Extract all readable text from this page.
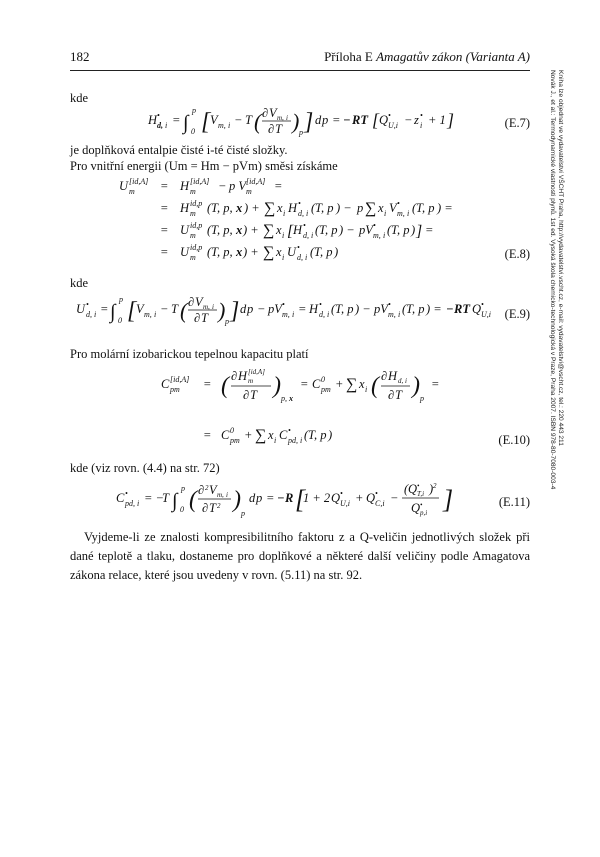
182	Příloha E Amagatův zákon (Varianta A)
kde
H •
d, i = ∫
p
0 [ V m, i − T ( ∂ V m, i
∂ T ) p ] d p = − RT [ Q •
U,i − z •
i + 1 ]	(E.7)
je doplňková entalpie čisté i-té čisté složky.
Pro vnitřní energii (Um = Hm − pVm) směsi získáme
U [id,A]
m = H [id,A]
m − p V [id,A]
m =
= H id,p
m ( T, p, x ) + ∑ x i H •
d, i ( T, p ) − p ∑ x i V •
m, i ( T, p ) =
= U id,p
m ( T, p, x ) + ∑ x i [ H •
d, i ( T, p ) − pV •
m, i ( T, p ) ] =
= U id,p
m ( T, p, x ) + ∑ x i U •
d, i ( T, p )	(E.8)
kde
U •
d, i = ∫
p
0 [ V m, i − T ( ∂ V m, i
∂ T ) p ] d p − pV •
m, i = H •
d, i ( T, p ) − pV •
m, i ( T, p ) = − RT Q •
U,i (E.9)
Pro molární izobarickou tepelnou kapacitu platí
C [id,A]
pm = ( ∂ H [id,A]
m
∂ T ) p, x
= C 0
pm + ∑ x i ( ∂ H d, i
∂ T ) p
=
= C 0
pm + ∑ x i C •
pd, i ( T, p )	(E.10)
kde (viz rovn. (4.4) na str. 72)
C •
pd, i = −
T ∫
p
0 ( ∂ 2 V m, i
∂ T 2 )
p
d p = − R [
1 + 2 Q •
U,i + Q •
C,i −
( Q •
T,i ) 2
Q •
p,i ]	(E.11)
Vyjdeme-li ze znalosti kompresibilitního faktoru z a Q-veličin jednotlivých složek při dané teplotě a tlaku, dostaneme pro doplňkové a některé další veličiny podle Amagatova zákona relace, které jsou uvedeny v rovn. (5.11) na str. 92.
Novák J., et al.: Termodynamické vlastnosti plynů. 1st ed. Vysoká škola chemicko-technologická v Praze, Praha 2007. ISBN 978-80-7080-003-4 Kniha lze objednat ve vydavatelství VŠCHT Praha, http://vydavatelstvi.vscht.cz, e-mail: vydavatelstvi@vscht.cz, tel.: 220 443 211
